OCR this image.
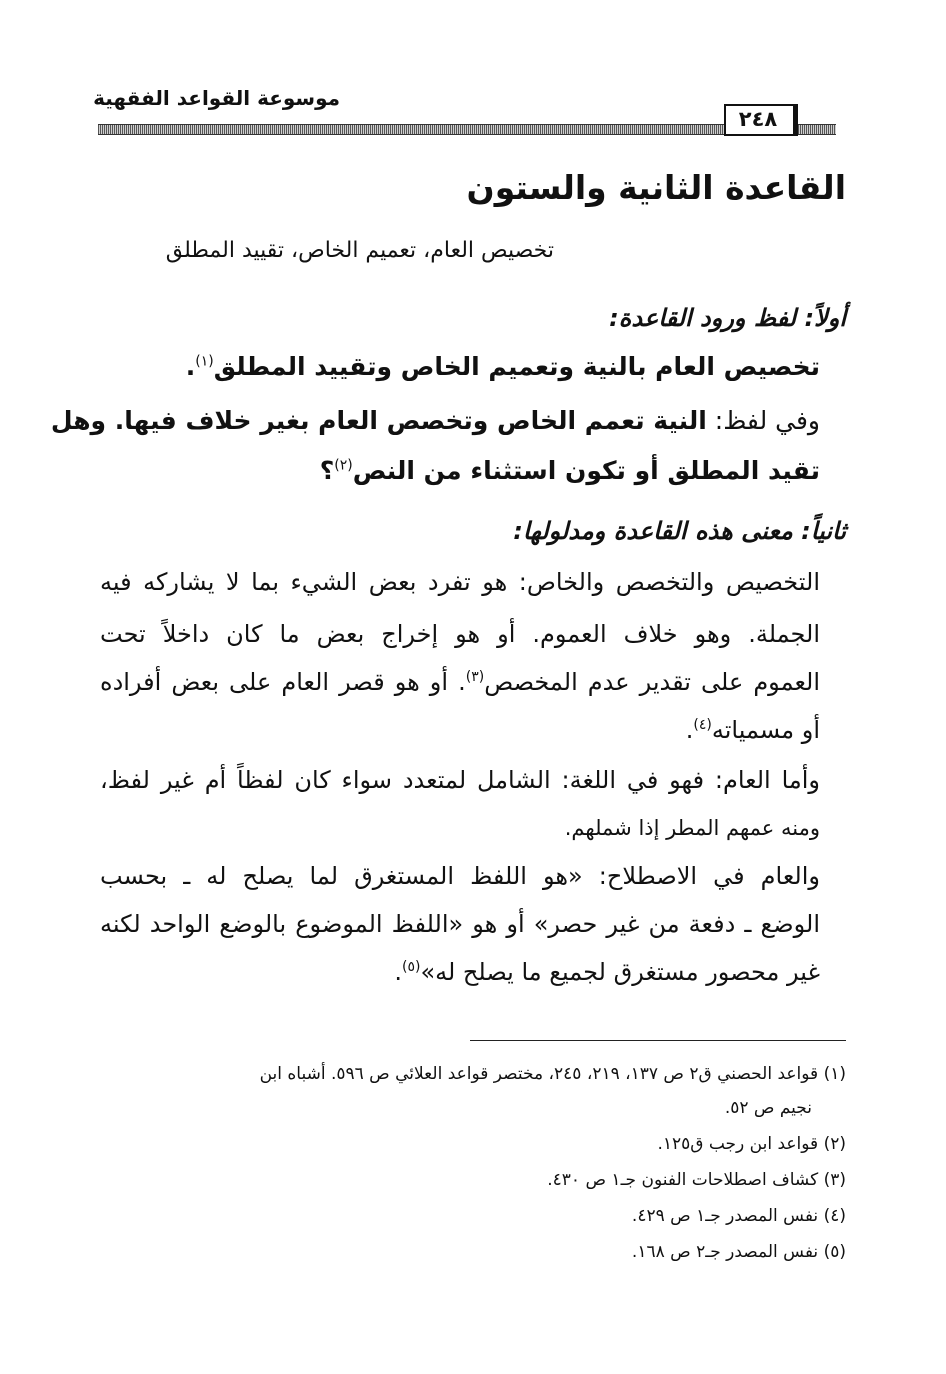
موسوعة القواعد الفقهية
٢٤٨
القاعدة الثانية والستون
تخصيص العام، تعميم الخاص، تقييد المطلق
أولاً: لفظ ورود القاعدة:
تخصيص العام بالنية وتعميم الخاص وتقييد المطلق$^{(١)}$.
وفي لفظ: النية تعمم الخاص وتخصص العام بغير خلاف فيها. وهل
تقيد المطلق أو تكون استثناء من النص$^{(٢)}$؟
ثانياً: معنى هذه القاعدة ومدلولها:
التخصيص والتخصص والخاص: هو تفرد بعض الشيء بما لا يشاركه فيه
الجملة. وهو خلاف العموم. أو هو إخراج بعض ما كان داخلاً تحت
العموم على تقدير عدم المخصص$^{(٣)}$. أو هو قصر العام على بعض أفراده
أو مسمياته$^{(٤)}$.
وأما العام: فهو في اللغة: الشامل لمتعدد سواء كان لفظاً أم غير لفظ،
ومنه عمهم المطر إذا شملهم.
والعام في الاصطلاح: «هو اللفظ المستغرق لما يصلح له ـ بحسب
الوضع ـ دفعة من غير حصر» أو هو «اللفظ الموضوع بالوضع الواحد لكنه
غير محصور مستغرق لجميع ما يصلح له»$^{(٥)}$.
(١) قواعد الحصني ق٢ ص ١٣٧، ٢١٩، ٢٤٥، مختصر قواعد العلائي ص ٥٩٦. أشباه ابن
نجيم ص ٥٢.
(٢) قواعد ابن رجب ق١٢٥.
(٣) كشاف اصطلاحات الفنون جـ١ ص ٤٣٠.
(٤) نفس المصدر جـ١ ص ٤٢٩.
(٥) نفس المصدر جـ٢ ص ١٦٨.
